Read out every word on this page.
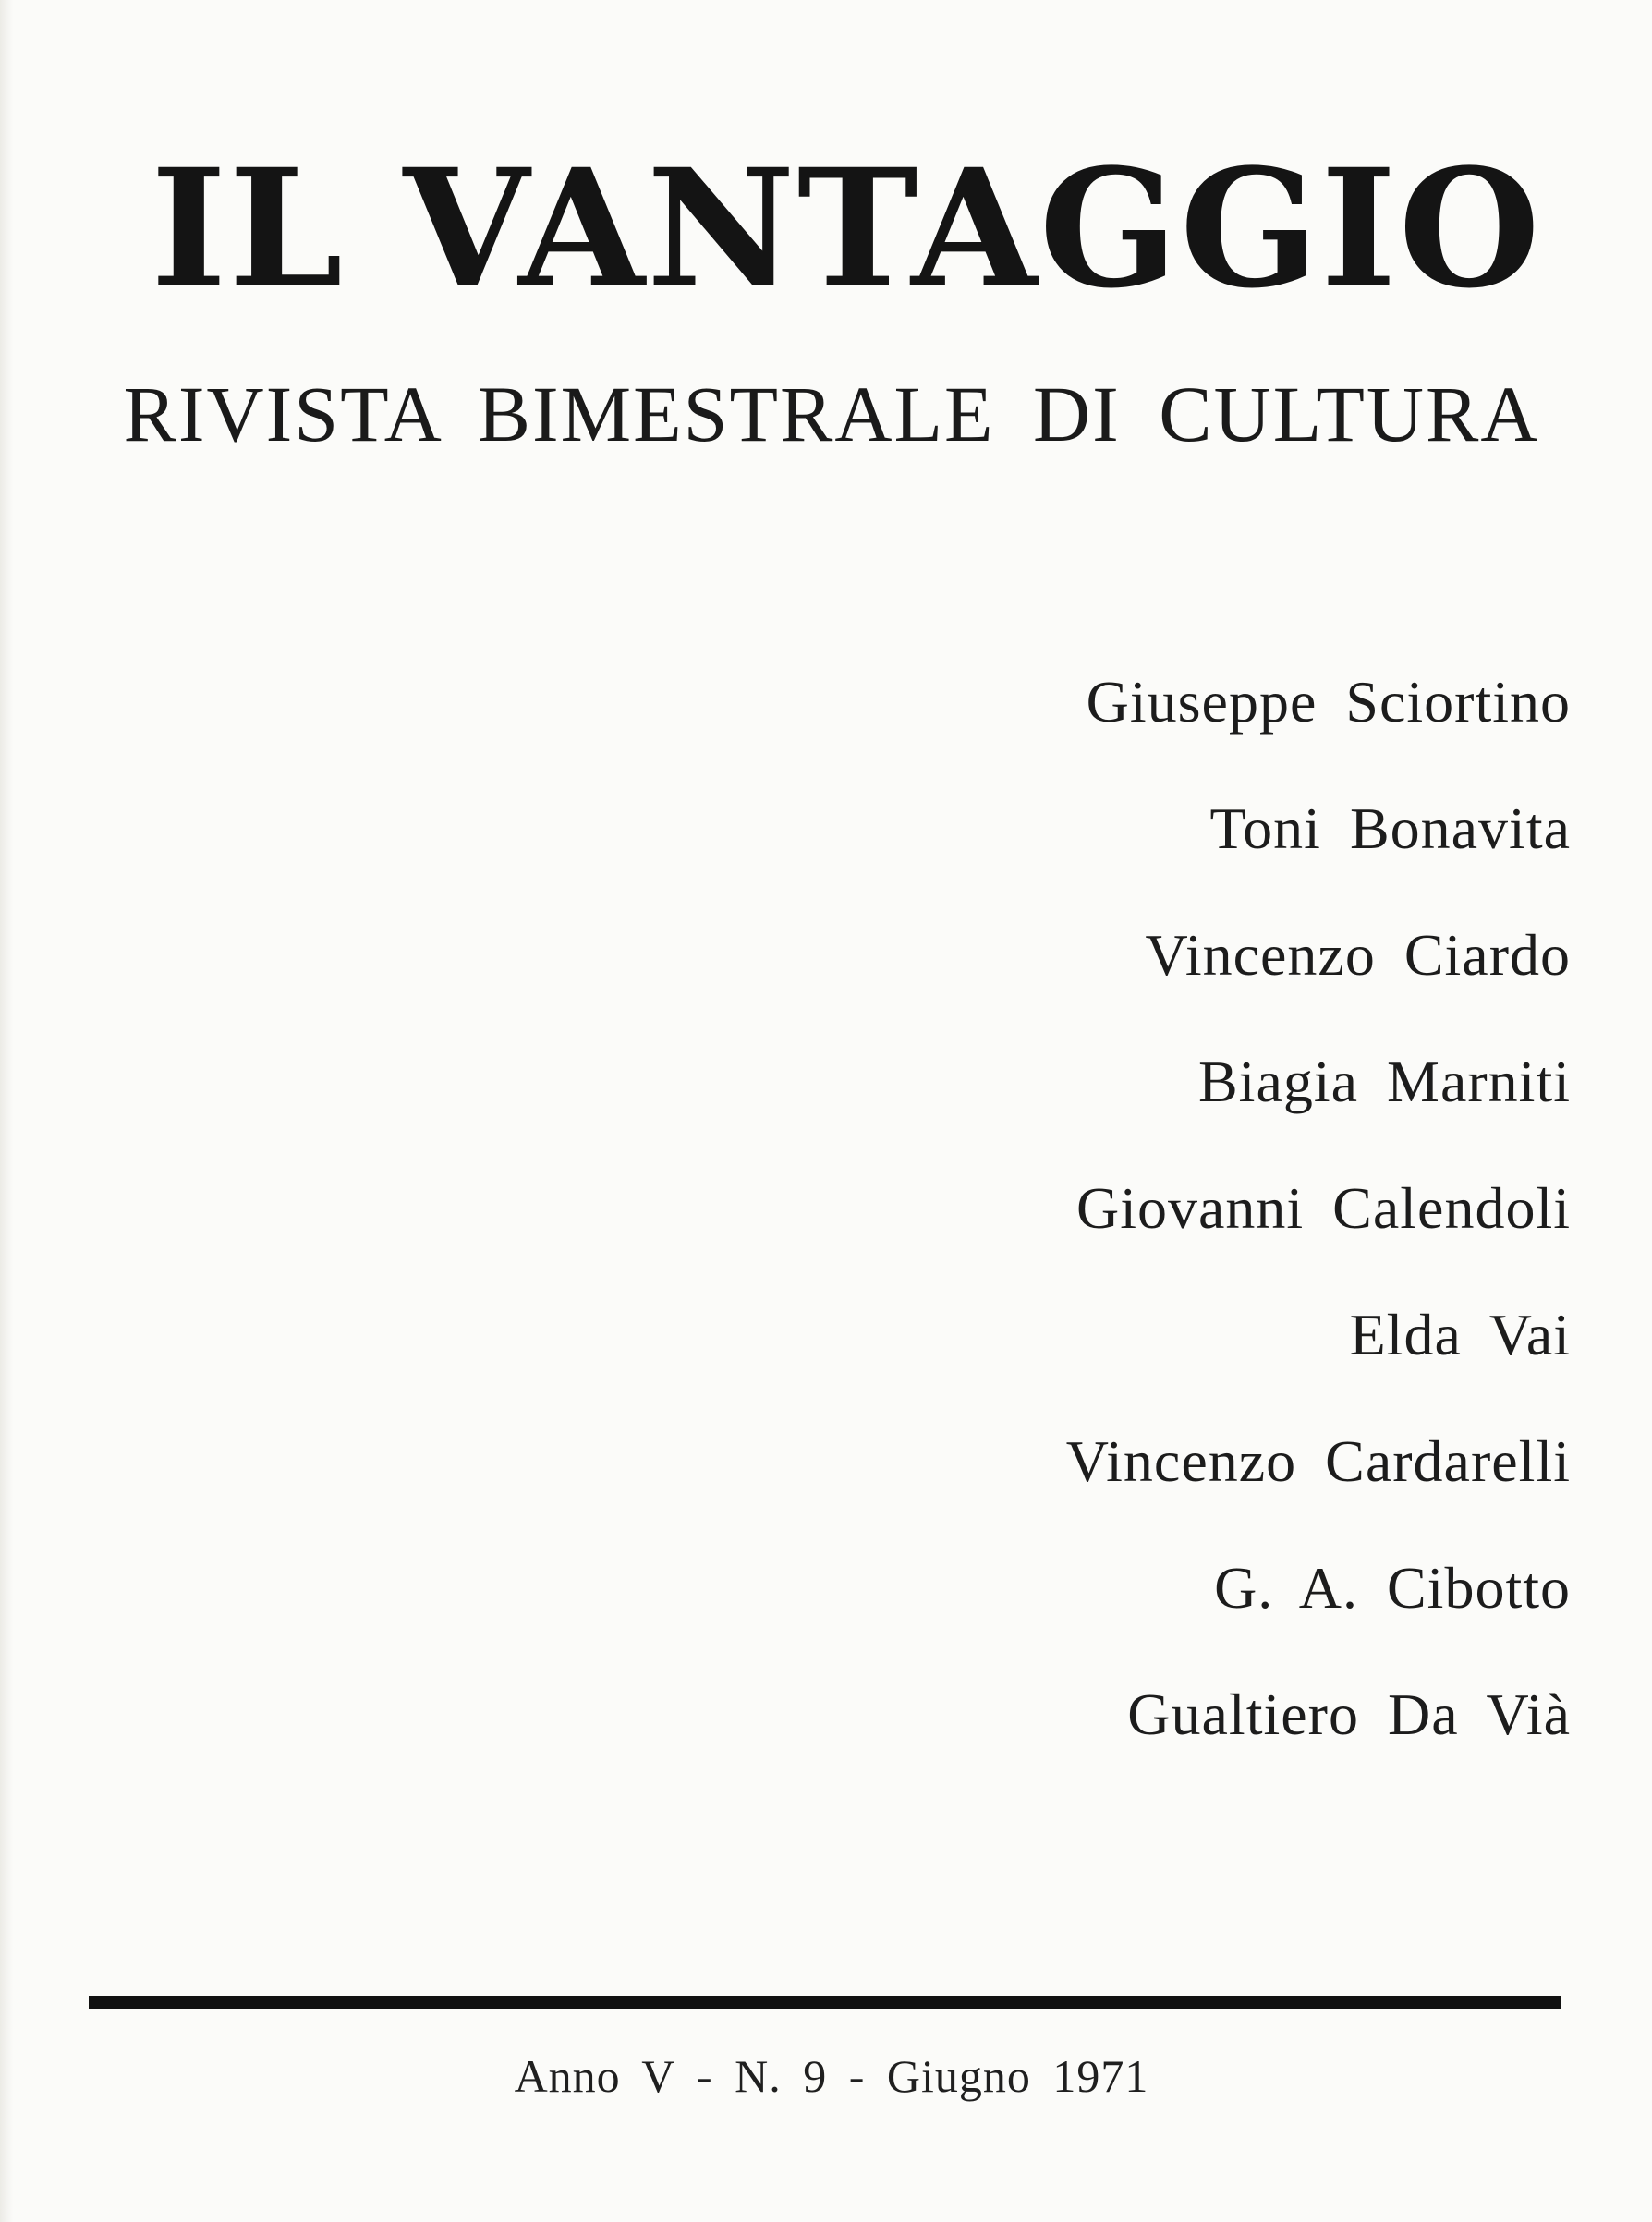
IL VANTAGGIO
RIVISTA BIMESTRALE DI CULTURA
Giuseppe Sciortino
Toni Bonavita
Vincenzo Ciardo
Biagia Marniti
Giovanni Calendoli
Elda Vai
Vincenzo Cardarelli
G. A. Cibotto
Gualtiero Da Vià

Anno V - N. 9 - Giugno 1971
